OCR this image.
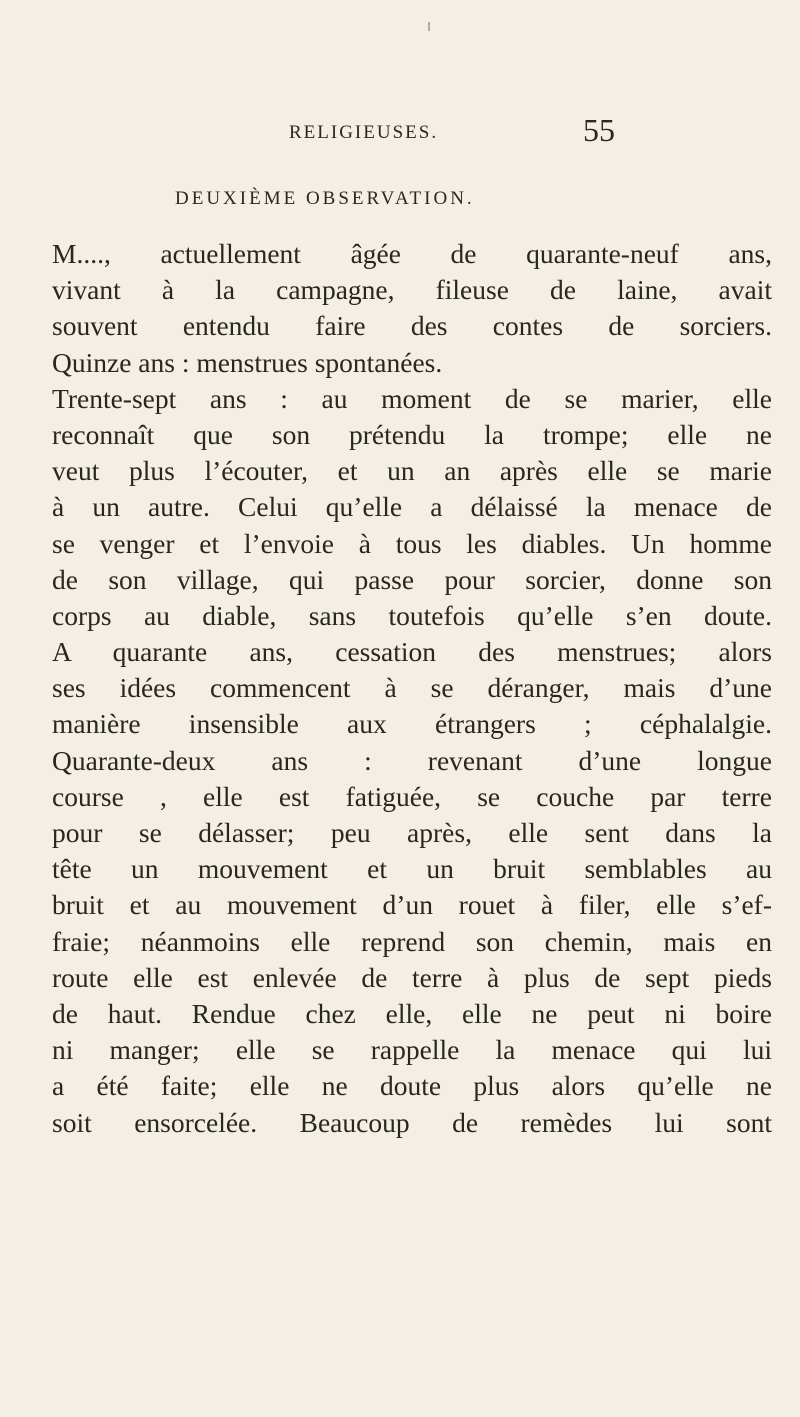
RELIGIEUSES.	55
DEUXIÈME OBSERVATION.
M...., actuellement âgée de quarante-neuf ans,
vivant à la campagne, fileuse de laine, avait
souvent entendu faire des contes de sorciers.
Quinze ans : menstrues spontanées.
Trente-sept ans : au moment de se marier, elle
reconnaît que son prétendu la trompe; elle ne
veut plus l’écouter, et un an après elle se marie
à un autre. Celui qu’elle a délaissé la menace de
se venger et l’envoie à tous les diables. Un homme
de son village, qui passe pour sorcier, donne son
corps au diable, sans toutefois qu’elle s’en doute.
A quarante ans, cessation des menstrues; alors
ses idées commencent à se déranger, mais d’une
manière insensible aux étrangers ; céphalalgie.
Quarante-deux ans : revenant d’une longue
course , elle est fatiguée, se couche par terre
pour se délasser; peu après, elle sent dans la
tête un mouvement et un bruit semblables au
bruit et au mouvement d’un rouet à filer, elle s’ef-
fraie; néanmoins elle reprend son chemin, mais en
route elle est enlevée de terre à plus de sept pieds
de haut. Rendue chez elle, elle ne peut ni boire
ni manger; elle se rappelle la menace qui lui
a été faite; elle ne doute plus alors qu’elle ne
soit ensorcelée. Beaucoup de remèdes lui sont
